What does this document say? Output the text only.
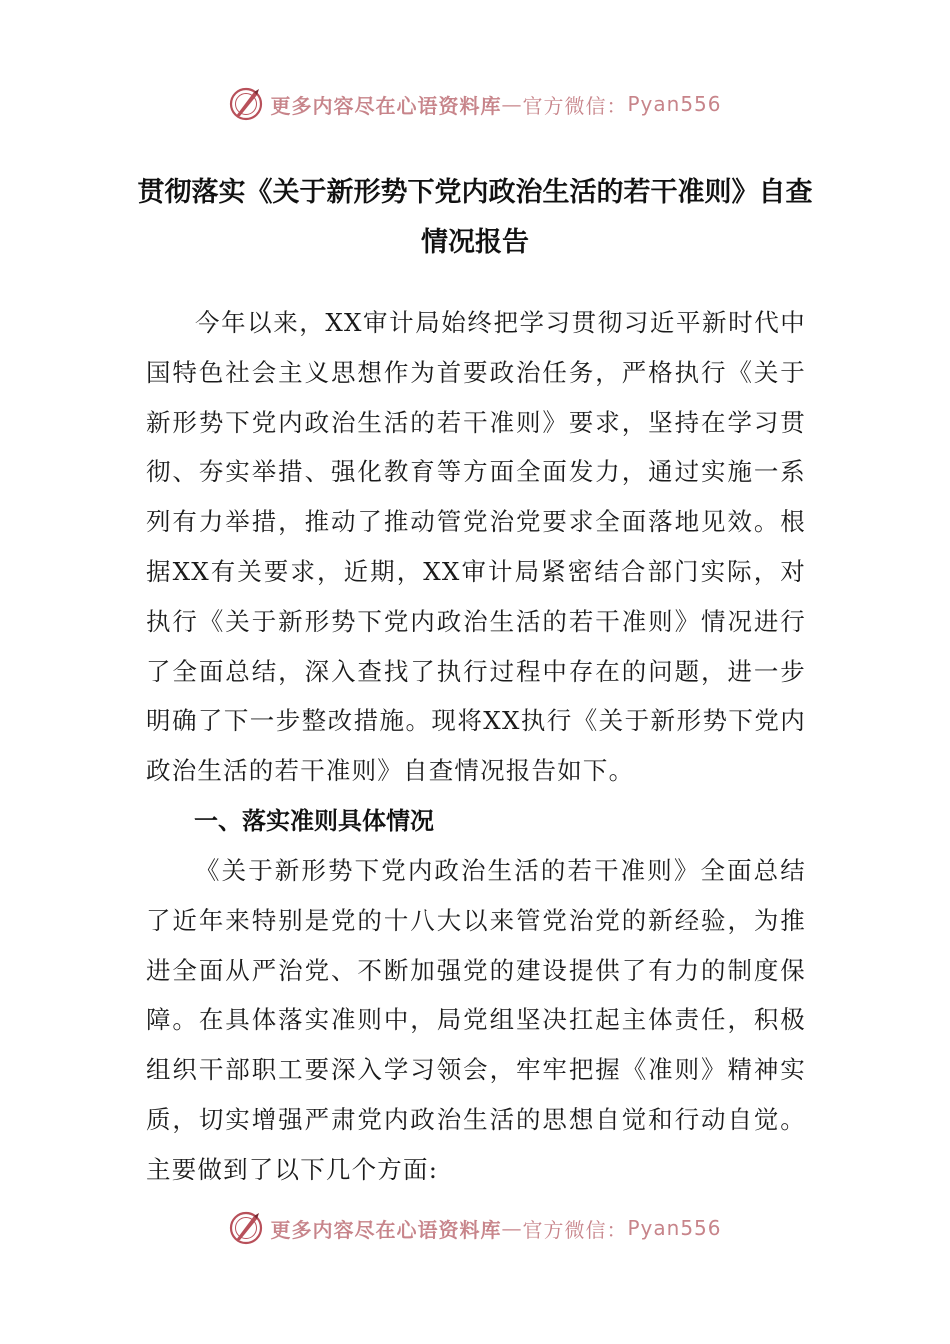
更多内容尽在心语资料库 — 官方微信： Pyan556
贯彻落实《关于新形势下党内政治生活的若干准则》自查情况报告

今年以来，XX审计局始终把学习贯彻习近平新时代中国特色社会主义思想作为首要政治任务，严格执行《关于新形势下党内政治生活的若干准则》要求，坚持在学习贯彻、夯实举措、强化教育等方面全面发力，通过实施一系列有力举措，推动了推动管党治党要求全面落地见效。根据XX有关要求，近期，XX审计局紧密结合部门实际，对执行《关于新形势下党内政治生活的若干准则》情况进行了全面总结，深入查找了执行过程中存在的问题，进一步明确了下一步整改措施。现将XX执行《关于新形势下党内政治生活的若干准则》自查情况报告如下。

一、落实准则具体情况

《关于新形势下党内政治生活的若干准则》全面总结了近年来特别是党的十八大以来管党治党的新经验，为推进全面从严治党、不断加强党的建设提供了有力的制度保障。在具体落实准则中，局党组坚决扛起主体责任，积极组织干部职工要深入学习领会，牢牢把握《准则》精神实质，切实增强严肃党内政治生活的思想自觉和行动自觉。主要做到了以下几个方面:

更多内容尽在心语资料库 — 官方微信： Pyan556
